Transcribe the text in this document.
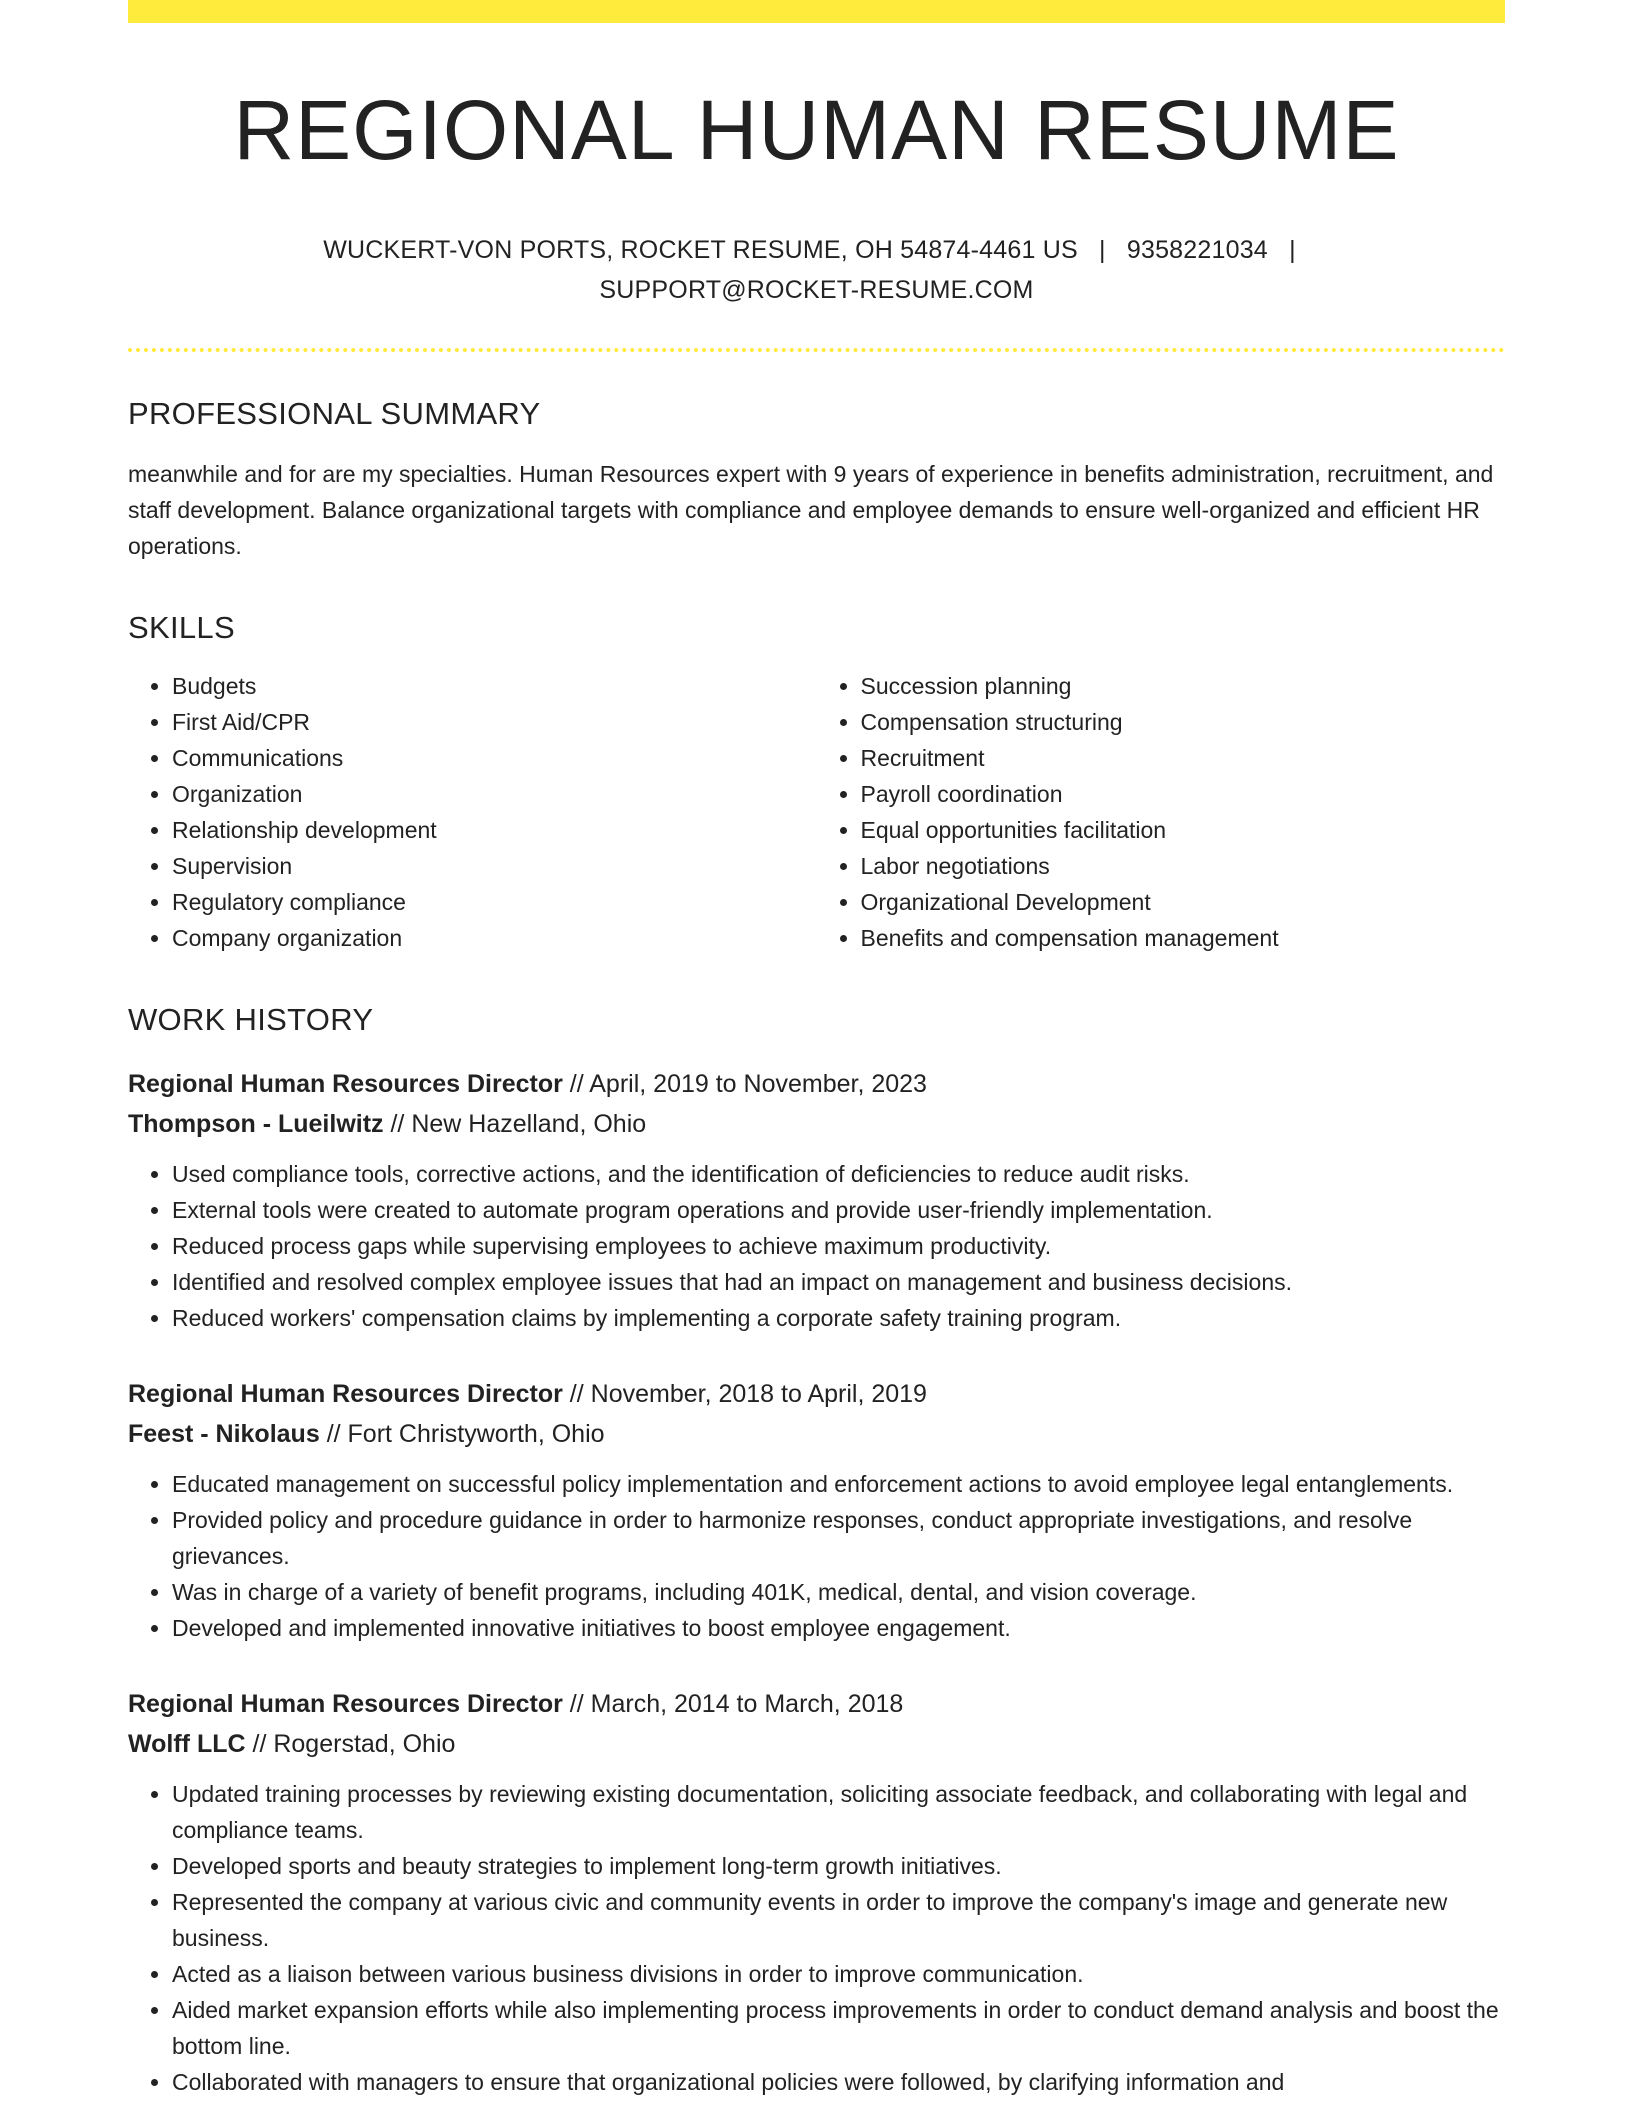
REGIONAL HUMAN RESUME
WUCKERT-VON PORTS, ROCKET RESUME, OH 54874-4461 US | 9358221034 |
SUPPORT@ROCKET-RESUME.COM
PROFESSIONAL SUMMARY

meanwhile and for are my specialties. Human Resources expert with 9 years of experience in benefits administration, recruitment, and staff development. Balance organizational targets with compliance and employee demands to ensure well-organized and efficient HR operations.

SKILLS
• Budgets
• First Aid/CPR
• Communications
• Organization
• Relationship development
• Supervision
• Regulatory compliance
• Company organization
• Succession planning
• Compensation structuring
• Recruitment
• Payroll coordination
• Equal opportunities facilitation
• Labor negotiations
• Organizational Development
• Benefits and compensation management
WORK HISTORY
Regional Human Resources Director // April, 2019 to November, 2023
Thompson - Lueilwitz // New Hazelland, Ohio
• Used compliance tools, corrective actions, and the identification of deficiencies to reduce audit risks.
• External tools were created to automate program operations and provide user-friendly implementation.
• Reduced process gaps while supervising employees to achieve maximum productivity.
• Identified and resolved complex employee issues that had an impact on management and business decisions.
• Reduced workers' compensation claims by implementing a corporate safety training program.
Regional Human Resources Director // November, 2018 to April, 2019
Feest - Nikolaus // Fort Christyworth, Ohio
• Educated management on successful policy implementation and enforcement actions to avoid employee legal entanglements.
• Provided policy and procedure guidance in order to harmonize responses, conduct appropriate investigations, and resolve grievances.
• Was in charge of a variety of benefit programs, including 401K, medical, dental, and vision coverage.
• Developed and implemented innovative initiatives to boost employee engagement.
Regional Human Resources Director // March, 2014 to March, 2018
Wolff LLC // Rogerstad, Ohio
• Updated training processes by reviewing existing documentation, soliciting associate feedback, and collaborating with legal and compliance teams.
• Developed sports and beauty strategies to implement long-term growth initiatives.
• Represented the company at various civic and community events in order to improve the company's image and generate new business.
• Acted as a liaison between various business divisions in order to improve communication.
• Aided market expansion efforts while also implementing process improvements in order to conduct demand analysis and boost the bottom line.
• Collaborated with managers to ensure that organizational policies were followed, by clarifying information and
